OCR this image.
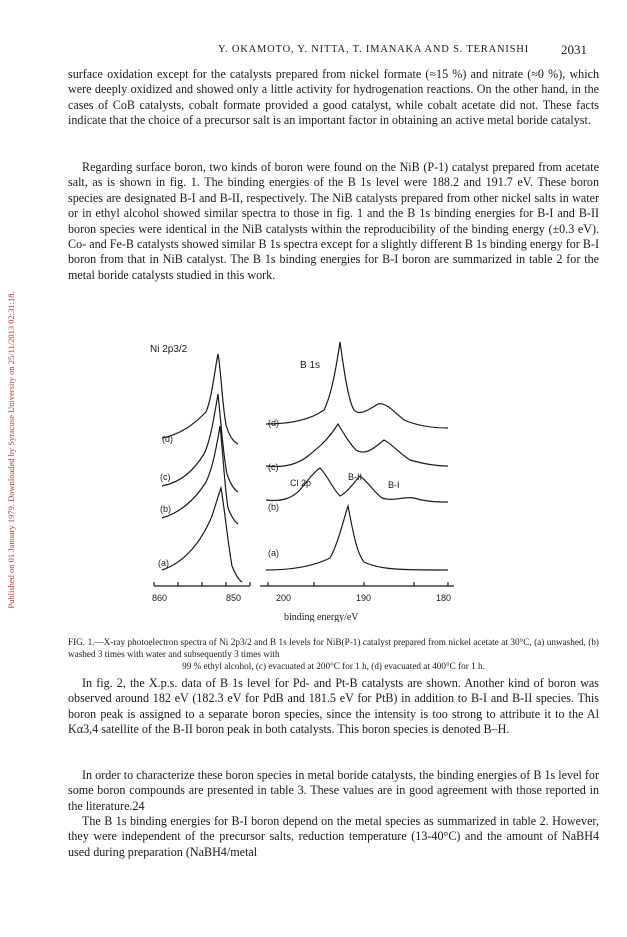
Published on 01 January 1979. Downloaded by Syracuse University on 25/11/2013 02:31:18.
Y. OKAMOTO, Y. NITTA, T. IMANAKA AND S. TERANISHI 2031

surface oxidation except for the catalysts prepared from nickel formate (≈15 %) and nitrate (≈0 %), which were deeply oxidized and showed only a little activity for hydrogenation reactions. On the other hand, in the cases of CoB catalysts, cobalt formate provided a good catalyst, while cobalt acetate did not. These facts indicate that the choice of a precursor salt is an important factor in obtaining an active metal boride catalyst.

Regarding surface boron, two kinds of boron were found on the NiB (P-1) catalyst prepared from acetate salt, as is shown in fig. 1. The binding energies of the B 1s level were 188.2 and 191.7 eV. These boron species are designated B-I and B-II, respectively. The NiB catalysts prepared from other nickel salts in water or in ethyl alcohol showed similar spectra to those in fig. 1 and the B 1s binding energies for B-I and B-II boron species were identical in the NiB catalysts within the reproducibility of the binding energy (±0.3 eV). Co- and Fe-B catalysts showed similar B 1s spectra except for a slightly different B 1s binding energy for B-I boron from that in NiB catalyst. The B 1s binding energies for B-I boron are summarized in table 2 for the metal boride catalysts studied in this work.

Ni 2p3/2
B 1s
(d)
(c)
(b)
(a)
(d)
(c)
(b)
(a)
Cl 2p
B-II
B-I
860	850	200	190	180
binding energy/eV
FIG. 1.—X-ray photoelectron spectra of Ni 2p3/2 and B 1s levels for NiB(P-1) catalyst prepared from nickel acetate at 30°C, (a) unwashed, (b) washed 3 times with water and subsequently 3 times with
99 % ethyl alcohol, (c) evacuated at 200°C for 1 h, (d) evacuated at 400°C for 1 h.

In fig. 2, the X.p.s. data of B 1s level for Pd- and Pt-B catalysts are shown. Another kind of boron was observed around 182 eV (182.3 eV for PdB and 181.5 eV for PtB) in addition to B-I and B-II species. This boron peak is assigned to a separate boron species, since the intensity is too strong to attribute it to the Al Kα3,4 satellite of the B-II boron peak in both catalysts. This boron species is denoted B–H.

In order to characterize these boron species in metal boride catalysts, the binding energies of B 1s level for some boron compounds are presented in table 3. These values are in good agreement with those reported in the literature.24

The B 1s binding energies for B-I boron depend on the metal species as summarized in table 2. However, they were independent of the precursor salts, reduction temperature (13-40°C) and the amount of NaBH4 used during preparation (NaBH4/metal
